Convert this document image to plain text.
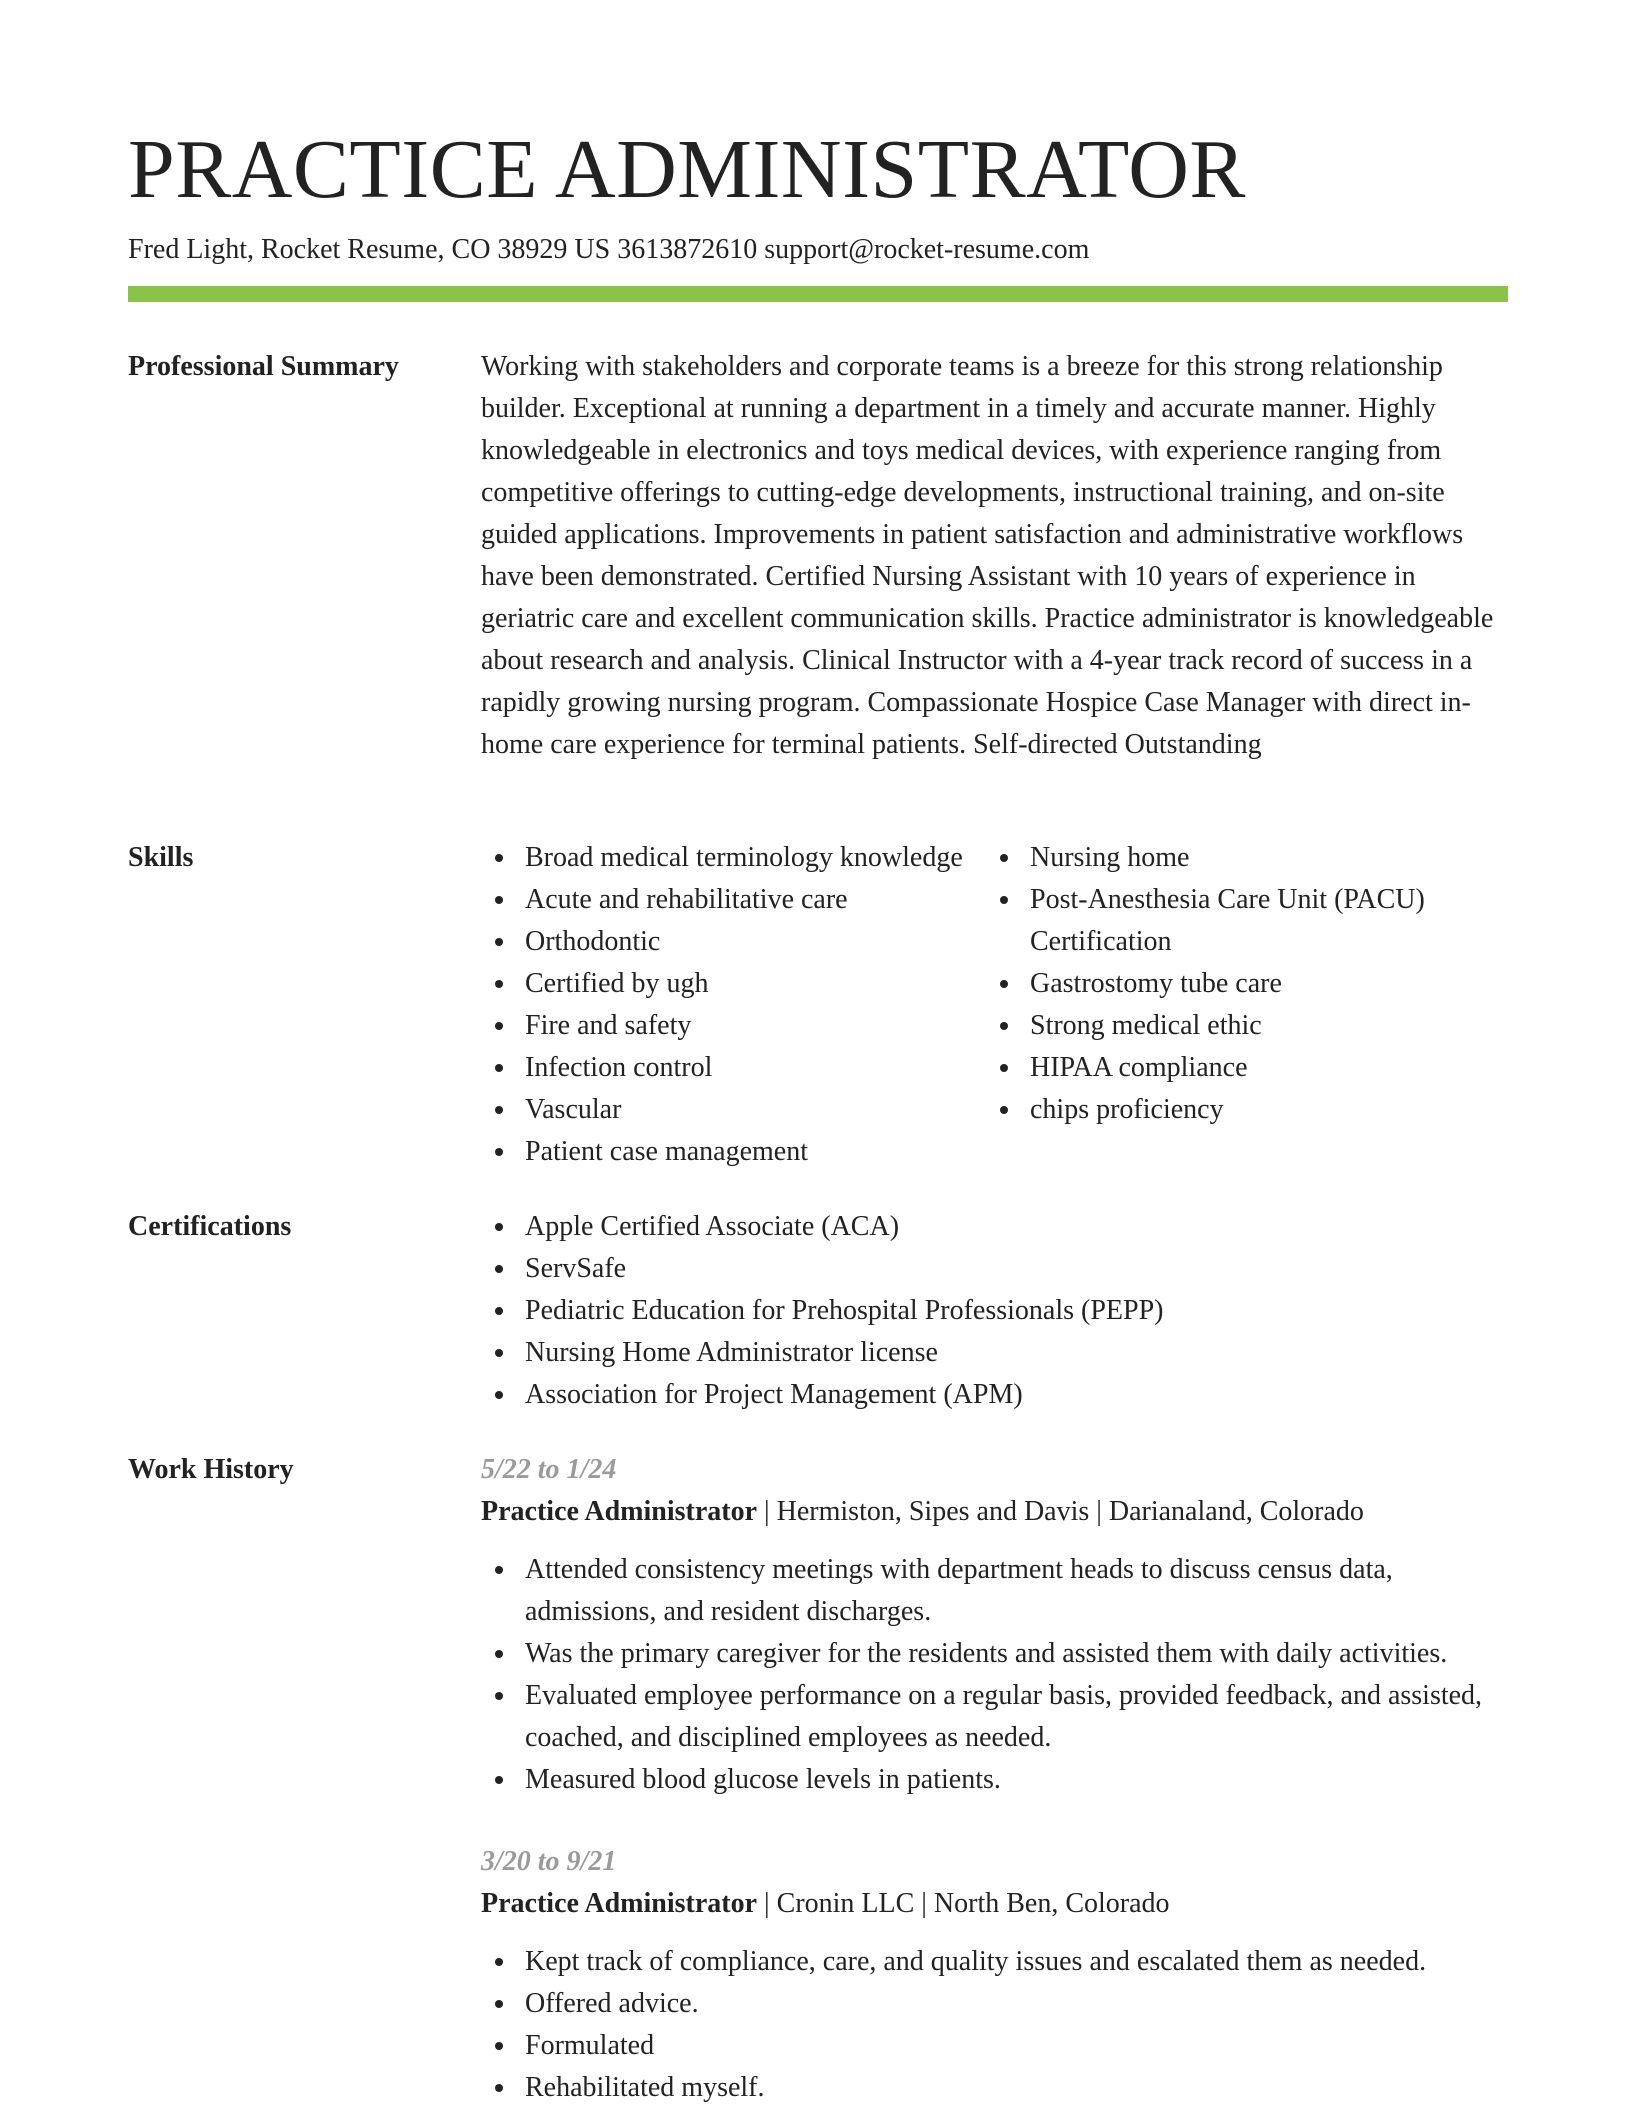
PRACTICE ADMINISTRATOR
Fred Light, Rocket Resume, CO 38929 US 3613872610 support@rocket-resume.com
Professional Summary	Working with stakeholders and corporate teams is a breeze for this strong relationship builder. Exceptional at running a department in a timely and accurate manner. Highly knowledgeable in electronics and toys medical devices, with experience ranging from competitive offerings to cutting-edge developments, instructional training, and on-site guided applications. Improvements in patient satisfaction and administrative workflows have been demonstrated. Certified Nursing Assistant with 10 years of experience in geriatric care and excellent communication skills. Practice administrator is knowledgeable about research and analysis. Clinical Instructor with a 4-year track record of success in a rapidly growing nursing program. Compassionate Hospice Case Manager with direct in-home care experience for terminal patients. Self-directed Outstanding
Skills	Broad medical terminology knowledge
Acute and rehabilitative care
Orthodontic
Certified by ugh
Fire and safety
Infection control
Vascular
Patient case management
Nursing home
Post-Anesthesia Care Unit (PACU) Certification
Gastrostomy tube care
Strong medical ethic
HIPAA compliance
chips proficiency
Certifications	Apple Certified Associate (ACA)
ServSafe
Pediatric Education for Prehospital Professionals (PEPP)
Nursing Home Administrator license
Association for Project Management (APM)
Work History	5/22 to 1/24
Practice Administrator | Hermiston, Sipes and Davis | Darianaland, Colorado
Attended consistency meetings with department heads to discuss census data, admissions, and resident discharges.
Was the primary caregiver for the residents and assisted them with daily activities.
Evaluated employee performance on a regular basis, provided feedback, and assisted, coached, and disciplined employees as needed.
Measured blood glucose levels in patients.
3/20 to 9/21
Practice Administrator | Cronin LLC | North Ben, Colorado
Kept track of compliance, care, and quality issues and escalated them as needed.
Offered advice.
Formulated
Rehabilitated myself.
